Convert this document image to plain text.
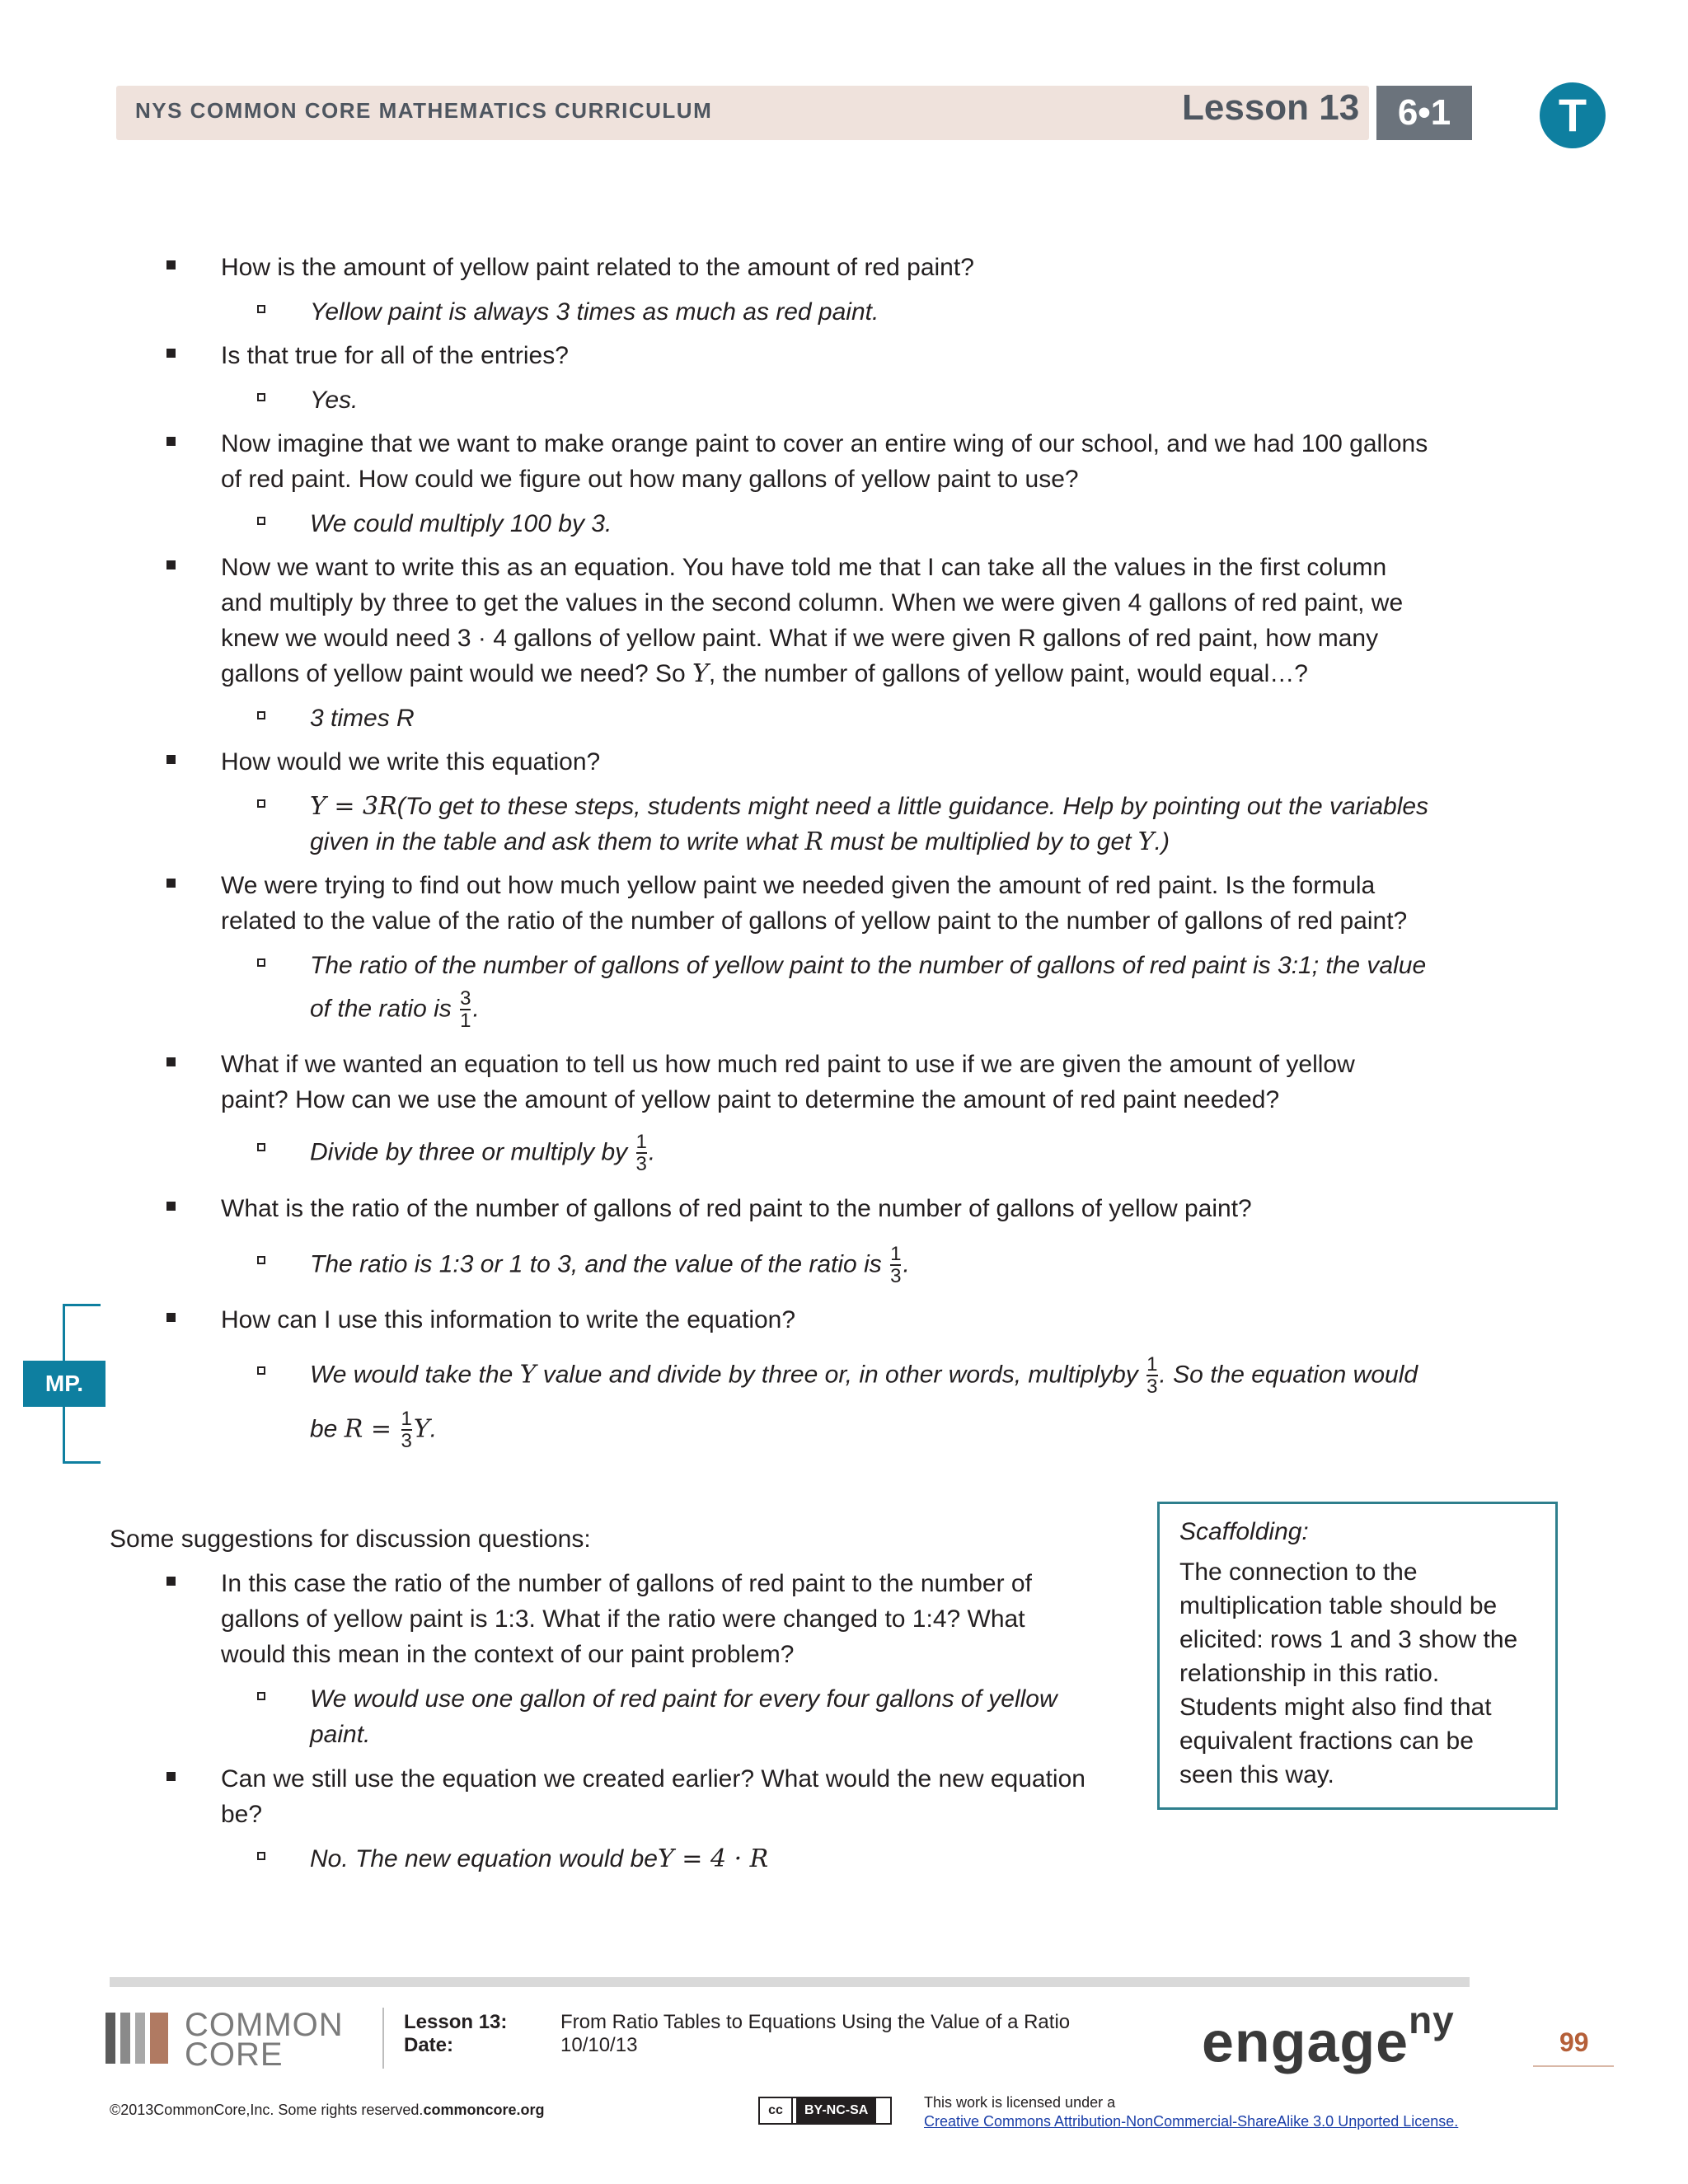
NYS COMMON CORE MATHEMATICS CURRICULUM	Lesson 13	6•1	T
How is the amount of yellow paint related to the amount of red paint?
Yellow paint is always 3 times as much as red paint.
Is that true for all of the entries?
Yes.
Now imagine that we want to make orange paint to cover an entire wing of our school, and we had 100 gallons
of red paint. How could we figure out how many gallons of yellow paint to use?
We could multiply 100 by 3.
Now we want to write this as an equation. You have told me that I can take all the values in the first column
and multiply by three to get the values in the second column. When we were given 4 gallons of red paint, we
knew we would need 3 · 4 gallons of yellow paint. What if we were given R gallons of red paint, how many
gallons of yellow paint would we need? So Y, the number of gallons of yellow paint, would equal…?
3 times R
How would we write this equation?
Y = 3R(To get to these steps, students might need a little guidance. Help by pointing out the variables
given in the table and ask them to write what R must be multiplied by to get Y.)
We were trying to find out how much yellow paint we needed given the amount of red paint. Is the formula
related to the value of the ratio of the number of gallons of yellow paint to the number of gallons of red paint?
The ratio of the number of gallons of yellow paint to the number of gallons of red paint is 3:1; the value
of the ratio is $\frac{3}{1}$ .
What if we wanted an equation to tell us how much red paint to use if we are given the amount of yellow
paint? How can we use the amount of yellow paint to determine the amount of red paint needed?
Divide by three or multiply by $\frac{1}{3}$ .
What is the ratio of the number of gallons of red paint to the number of gallons of yellow paint?
The ratio is 1:3 or 1 to 3, and the value of the ratio is $\frac{1}{3}$ .
How can I use this information to write the equation?
We would take the Y value and divide by three or, in other words, multiplyby $\frac{1}{3}$ . So the equation would
be $R = \frac{1}{3} Y$.
MP.
Some suggestions for discussion questions:
In this case the ratio of the number of gallons of red paint to the number of
gallons of yellow paint is 1:3. What if the ratio were changed to 1:4? What
would this mean in the context of our paint problem?
We would use one gallon of red paint for every four gallons of yellow
paint.
Can we still use the equation we created earlier? What would the new equation
be?
No. The new equation would beY = 4 · R
Scaffolding:
The connection to the
multiplication table should be
elicited: rows 1 and 3 show the
relationship in this ratio.
Students might also find that
equivalent fractions can be
seen this way.
COMMON
CORE
Lesson 13:	From Ratio Tables to Equations Using the Value of a Ratio
Date:	10/10/13	engage$^{ny}$
99
©2013CommonCore,Inc. Some rights reserved.commoncore.org	cc BY-NC-SA	This work is licensed under a
Creative Commons Attribution-NonCommercial-ShareAlike 3.0 Unported License.
